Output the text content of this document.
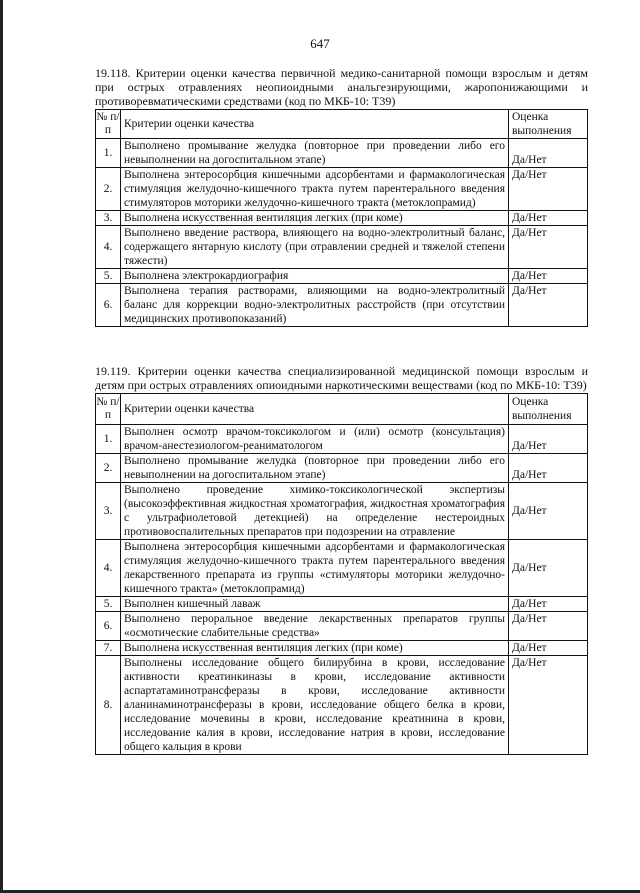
647

19.118. Критерии оценки качества первичной медико-санитарной помощи взрослым и детям при острых отравлениях неопиоидными анальгезирующими, жаропонижающими и противоревматическими средствами (код по МКБ-10: T39)

№ п/п	Критерии оценки качества	Оценка выполнения
1.	Выполнено промывание желудка (повторное при проведении либо его невыполнении на догоспитальном этапе)	Да/Нет
2.	Выполнена энтеросорбция кишечными адсорбентами и фармакологическая стимуляция желудочно-кишечного тракта путем парентерального введения стимуляторов моторики желудочно-кишечного тракта (метоклопрамид)	Да/Нет
3.	Выполнена искусственная вентиляция легких (при коме)	Да/Нет
4.	Выполнено введение раствора, влияющего на водно-электролитный баланс, содержащего янтарную кислоту (при отравлении средней и тяжелой степени тяжести)	Да/Нет
5.	Выполнена электрокардиография	Да/Нет
6.	Выполнена терапия растворами, влияющими на водно-электролитный баланс для коррекции водно-электролитных расстройств (при отсутствии медицинских противопоказаний)	Да/Нет

19.119. Критерии оценки качества специализированной медицинской помощи взрослым и детям при острых отравлениях опиоидными наркотическими веществами (код по МКБ-10: T39)

№ п/п	Критерии оценки качества	Оценка выполнения
1.	Выполнен осмотр врачом-токсикологом и (или) осмотр (консультация) врачом-анестезиологом-реаниматологом	Да/Нет
2.	Выполнено промывание желудка (повторное при проведении либо его невыполнении на догоспитальном этапе)	Да/Нет
3.	Выполнено проведение химико-токсикологической экспертизы (высокоэффективная жидкостная хроматография, жидкостная хроматография с ультрафиолетовой детекцией) на определение нестероидных противовоспалительных препаратов при подозрении на отравление	Да/Нет
4.	Выполнена энтеросорбция кишечными адсорбентами и фармакологическая стимуляция желудочно-кишечного тракта путем парентерального введения лекарственного препарата из группы «стимуляторы моторики желудочно-кишечного тракта» (метоклопрамид)	Да/Нет
5.	Выполнен кишечный лаваж	Да/Нет
6.	Выполнено пероральное введение лекарственных препаратов группы «осмотические слабительные средства»	Да/Нет
7.	Выполнена искусственная вентиляция легких (при коме)	Да/Нет
8.	Выполнены исследование общего билирубина в крови, исследование активности креатинкиназы в крови, исследование активности аспартатаминотрансферазы в крови, исследование активности аланинаминотрансферазы в крови, исследование общего белка в крови, исследование мочевины в крови, исследование креатинина в крови, исследование калия в крови, исследование натрия в крови, исследование общего кальция в крови	Да/Нет
